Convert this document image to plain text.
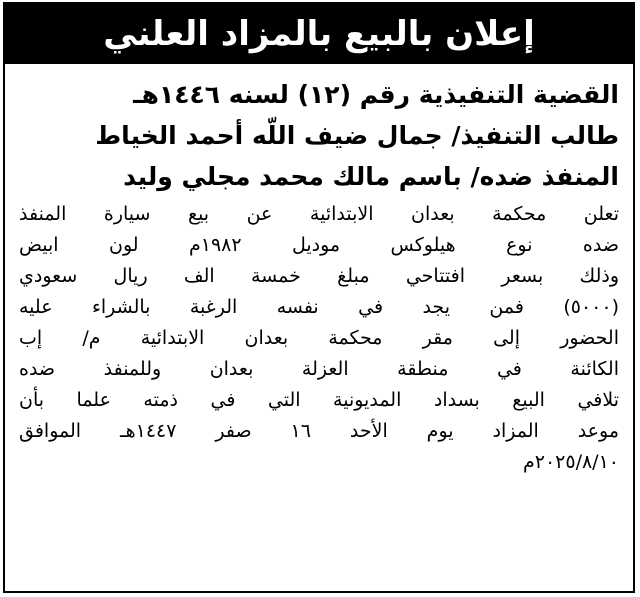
إعلان بالبيع بالمزاد العلني
القضية التنفيذية رقم (١٢) لسنه ١٤٤٦هـ
طالب التنفيذ/ جمال ضيف اللّه أحمد الخياط
المنفذ ضده/ باسم مالك محمد مجلي وليد
تعلن محكمة بعدان الابتدائية عن بيع سيارة المنفذ
ضده نوع هيلوكس موديل ١٩٨٢م لون ابيض
وذلك بسعر افتتاحي مبلغ خمسة الف ريال سعودي
(٥٠٠٠) فمن يجد في نفسه الرغبة بالشراء عليه
الحضور إلى مقر محكمة بعدان الابتدائية م/ إب
الكائنة في منطقة العزلة بعدان وللمنفذ ضده
تلافي البيع بسداد المديونية التي في ذمته علما بأن
موعد المزاد يوم الأحد ١٦ صفر ١٤٤٧هـ الموافق
٢٠٢٥/٨/١٠م
